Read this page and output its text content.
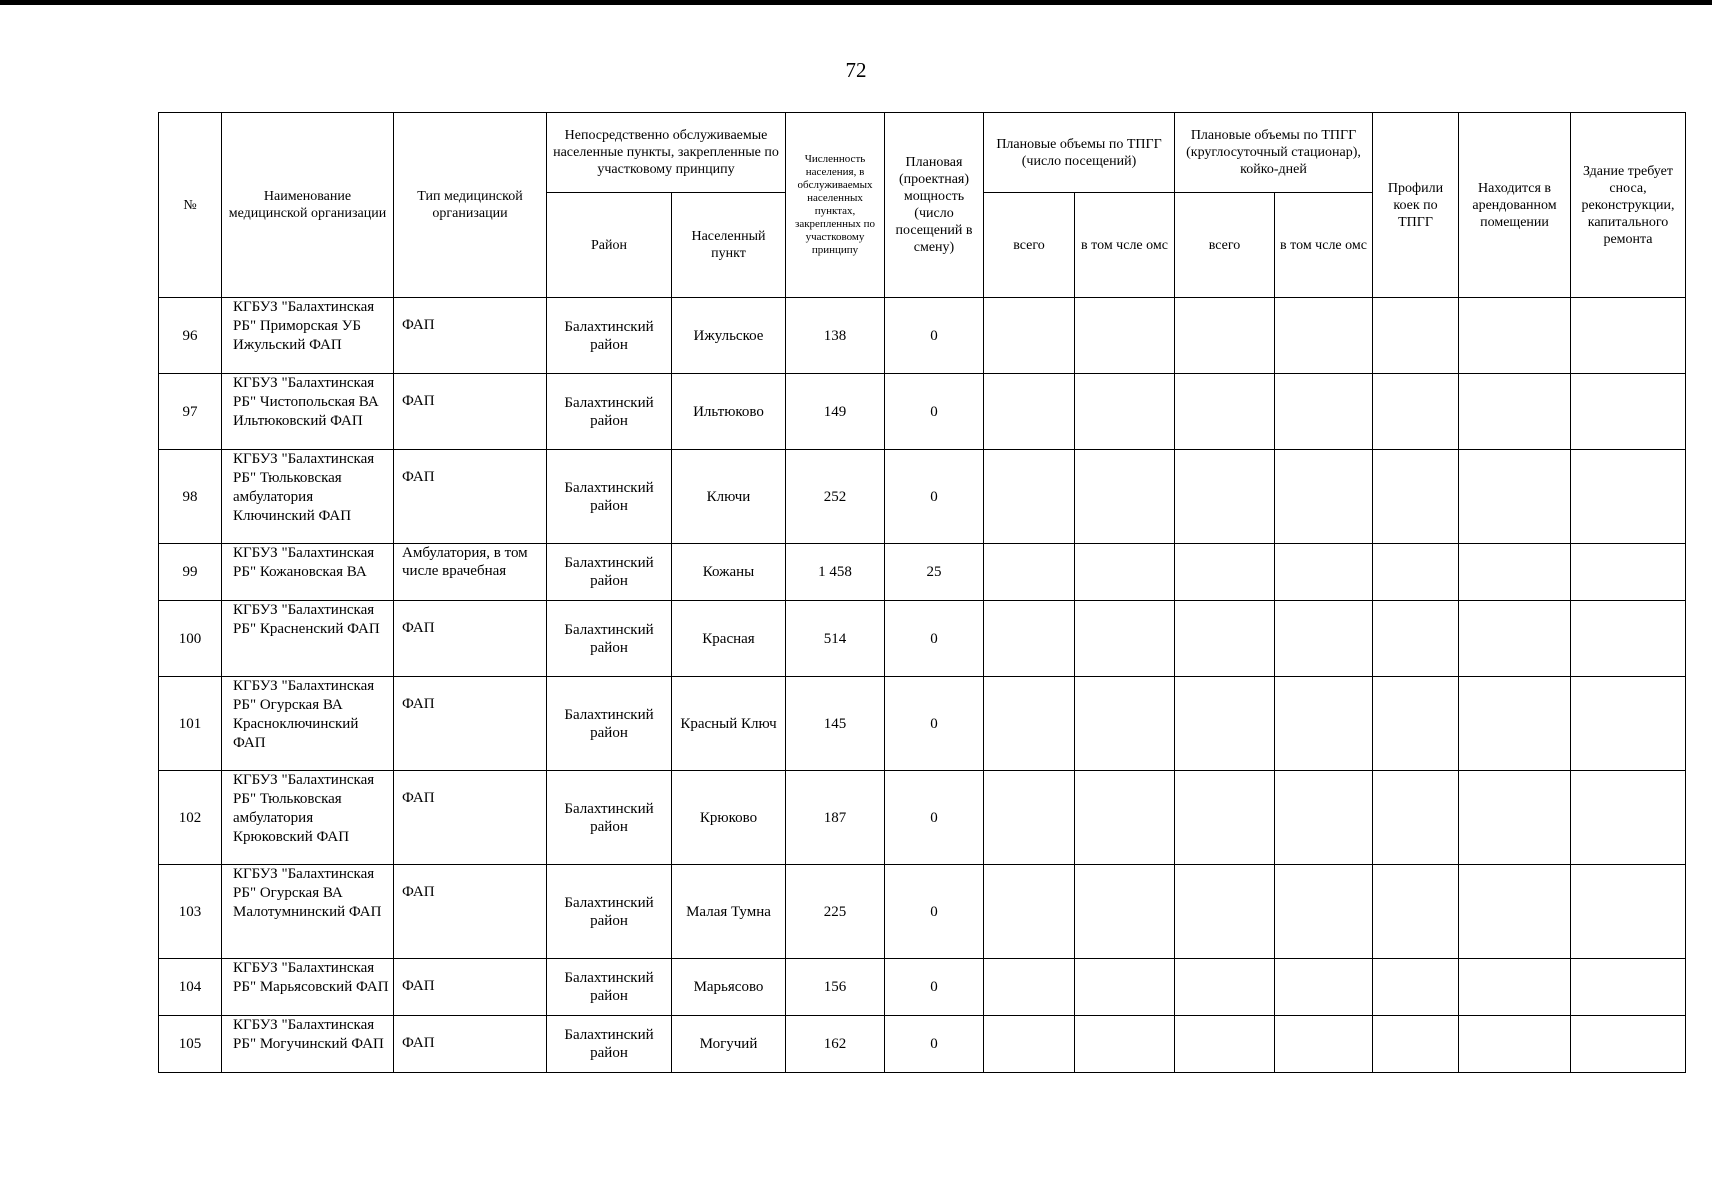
72
№	Наименование медицинской организации	Тип медицинской организации	Непосредственно обслуживаемые населенные пункты, закрепленные по участковому принципу		Численность населения, в обслуживаемых населенных пунктах, закрепленных по участковому принципу	Плановая (проектная) мощность (число посещений в смену)	Плановые объемы по ТПГГ (число посещений)		Плановые объемы по ТПГГ (круглосуточный стационар), койко-дней		Профили коек по ТПГГ	Находится в арендованном помещении	Здание требует сноса, реконструкции, капитального ремонта
			Район	Населенный пункт			всего	в том чсле омс	всего	в том чсле омс			
96	КГБУЗ "Балахтинская РБ" Приморская УБ Ижульский ФАП	ФАП	Балахтинский район	Ижульское	138	0							
97	КГБУЗ "Балахтинская РБ" Чистопольская ВА Ильтюковский ФАП	ФАП	Балахтинский район	Ильтюково	149	0							
98	КГБУЗ "Балахтинская РБ" Тюльковская амбулатория Ключинский ФАП	ФАП	Балахтинский район	Ключи	252	0							
99	КГБУЗ "Балахтинская РБ" Кожановская ВА	Амбулатория, в том числе врачебная	Балахтинский район	Кожаны	1 458	25							
100	КГБУЗ "Балахтинская РБ" Красненский ФАП	ФАП	Балахтинский район	Красная	514	0							
101	КГБУЗ "Балахтинская РБ" Огурская ВА Красноключинский ФАП	ФАП	Балахтинский район	Красный Ключ	145	0							
102	КГБУЗ "Балахтинская РБ" Тюльковская амбулатория Крюковский ФАП	ФАП	Балахтинский район	Крюково	187	0							
103	КГБУЗ "Балахтинская РБ" Огурская ВА Малотумнинский ФАП	ФАП	Балахтинский район	Малая Тумна	225	0							
104	КГБУЗ "Балахтинская РБ" Марьясовский ФАП	ФАП	Балахтинский район	Марьясово	156	0							
105	КГБУЗ "Балахтинская РБ" Могучинский ФАП	ФАП	Балахтинский район	Могучий	162	0							
